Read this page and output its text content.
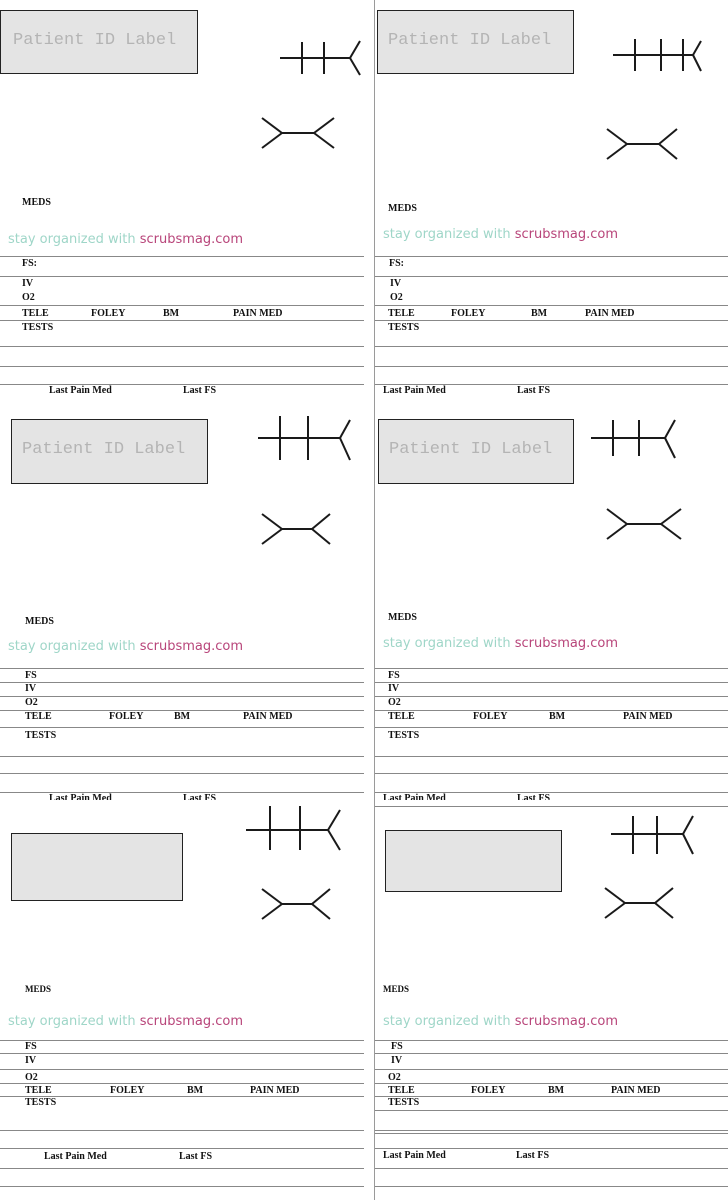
Patient ID Label
MEDS
stay organized with scrubsmag.com
FS:
IV
O2
TELE	FOLEY	BM	PAIN MED
TESTS
Last Pain Med	Last FS
Patient ID Label
MEDS
stay organized with scrubsmag.com
FS:
IV
O2
TELE	FOLEY	BM	PAIN MED
TESTS
Last Pain Med	Last FS
Patient ID Label
MEDS
stay organized with scrubsmag.com
FS
IV
O2
TELE	FOLEY	BM	PAIN MED
TESTS
Last Pain Med	Last FS
Patient ID Label
MEDS
stay organized with scrubsmag.com
FS
IV
O2
TELE	FOLEY	BM	PAIN MED
TESTS
Last Pain Med	Last FS
MEDS
stay organized with scrubsmag.com
FS
IV
O2
TELE	FOLEY	BM	PAIN MED
TESTS
Last Pain Med	Last FS
MEDS
stay organized with scrubsmag.com
FS
IV
O2
TELE	FOLEY	BM	PAIN MED
TESTS
Last Pain Med	Last FS
